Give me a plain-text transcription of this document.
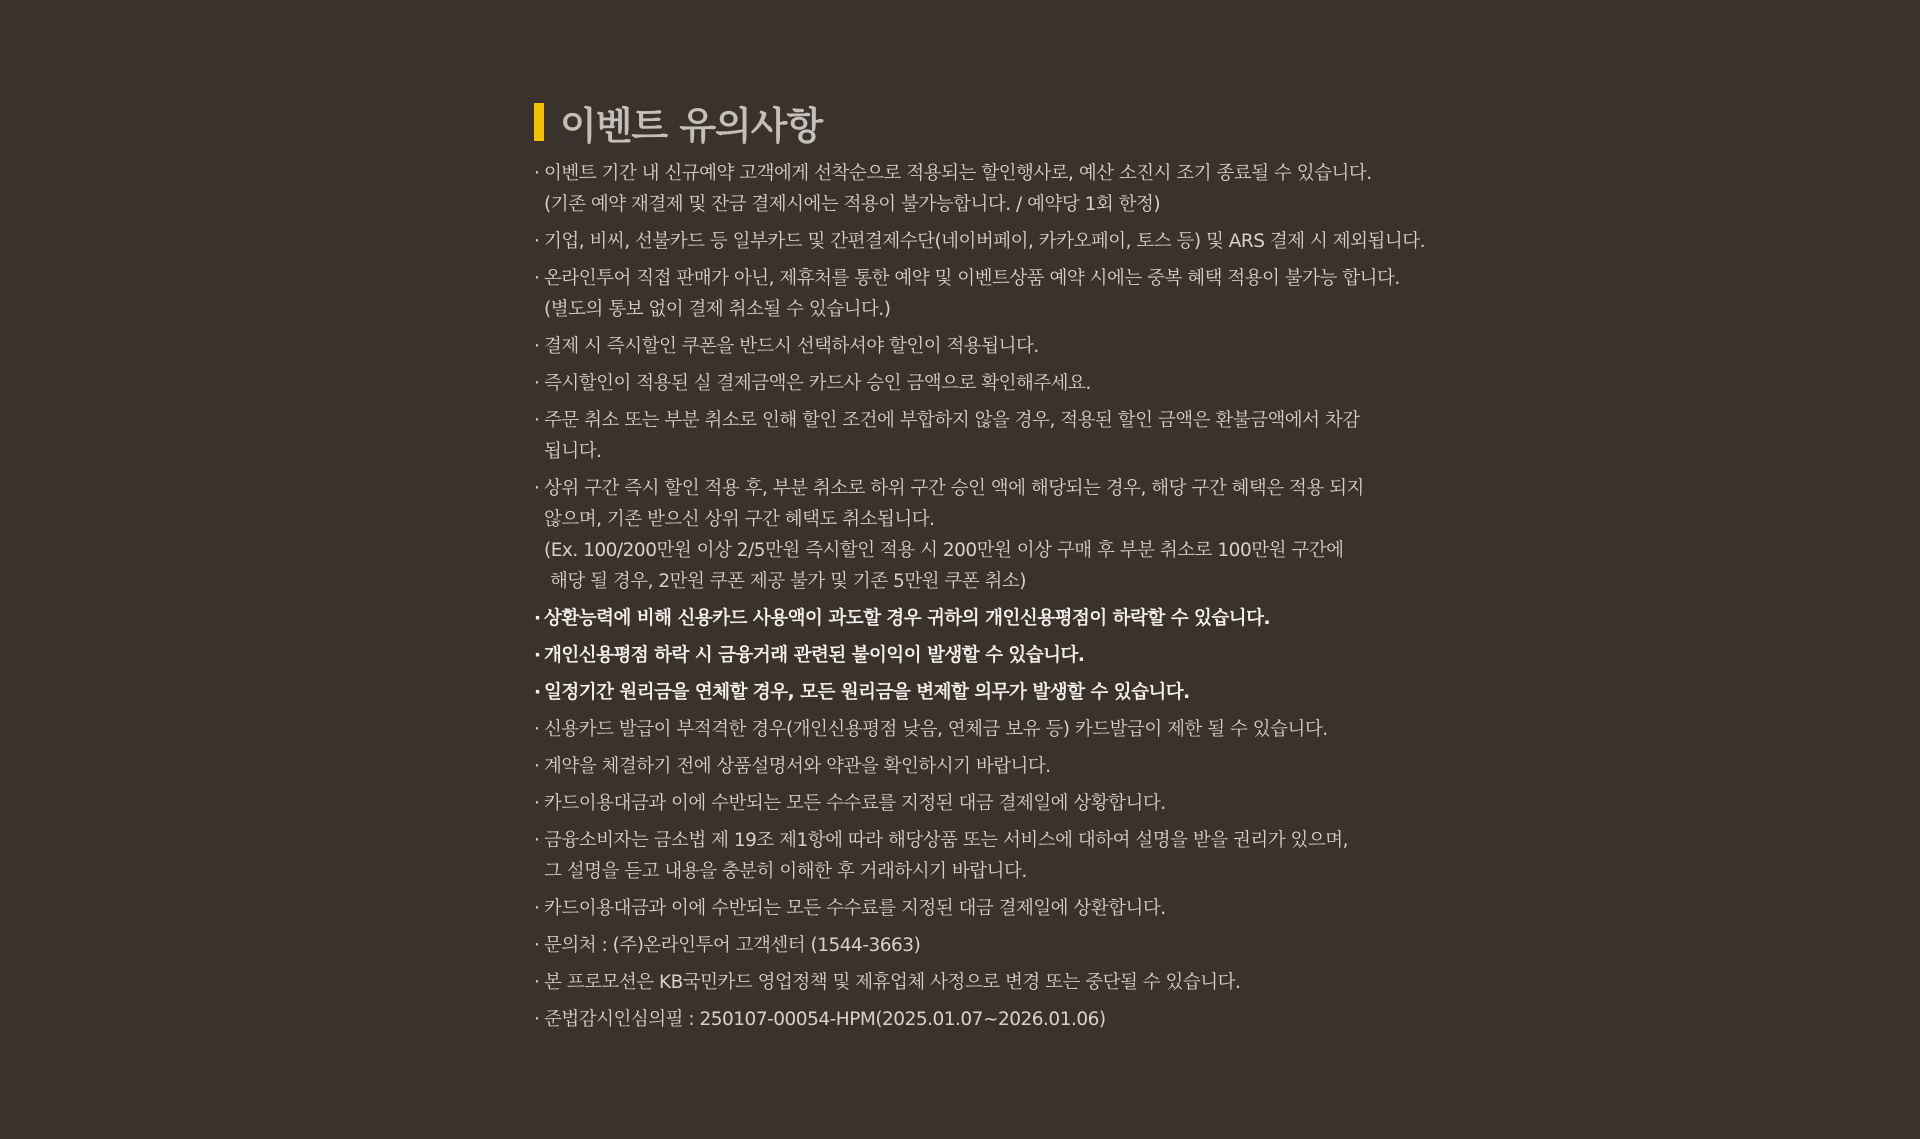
이벤트 유의사항
· 이벤트 기간 내 신규예약 고객에게 선착순으로 적용되는 할인행사로, 예산 소진시 조기 종료될 수 있습니다.
(기존 예약 재결제 및 잔금 결제시에는 적용이 불가능합니다. / 예약당 1회 한정)
· 기업, 비씨, 선불카드 등 일부카드 및 간편결제수단(네이버페이, 카카오페이, 토스 등) 및 ARS 결제 시 제외됩니다.
· 온라인투어 직접 판매가 아닌, 제휴처를 통한 예약 및 이벤트상품 예약 시에는 중복 혜택 적용이 불가능 합니다.
(별도의 통보 없이 결제 취소될 수 있습니다.)
· 결제 시 즉시할인 쿠폰을 반드시 선택하셔야 할인이 적용됩니다.
· 즉시할인이 적용된 실 결제금액은 카드사 승인 금액으로 확인해주세요.
· 주문 취소 또는 부분 취소로 인해 할인 조건에 부합하지 않을 경우, 적용된 할인 금액은 환불금액에서 차감
됩니다.
· 상위 구간 즉시 할인 적용 후, 부분 취소로 하위 구간 승인 액에 해당되는 경우, 해당 구간 혜택은 적용 되지
않으며, 기존 받으신 상위 구간 혜택도 취소됩니다.
(Ex. 100/200만원 이상 2/5만원 즉시할인 적용 시 200만원 이상 구매 후 부분 취소로 100만원 구간에
해당 될 경우, 2만원 쿠폰 제공 불가 및 기존 5만원 쿠폰 취소)
· 상환능력에 비해 신용카드 사용액이 과도할 경우 귀하의 개인신용평점이 하락할 수 있습니다.
· 개인신용평점 하락 시 금융거래 관련된 불이익이 발생할 수 있습니다.
· 일정기간 원리금을 연체할 경우, 모든 원리금을 변제할 의무가 발생할 수 있습니다.
· 신용카드 발급이 부적격한 경우(개인신용평점 낮음, 연체금 보유 등) 카드발급이 제한 될 수 있습니다.
· 계약을 체결하기 전에 상품설명서와 약관을 확인하시기 바랍니다.
· 카드이용대금과 이에 수반되는 모든 수수료를 지정된 대금 결제일에 상황합니다.
· 금융소비자는 금소법 제 19조 제1항에 따라 해당상품 또는 서비스에 대하여 설명을 받을 권리가 있으며,
그 설명을 듣고 내용을 충분히 이해한 후 거래하시기 바랍니다.
· 카드이용대금과 이에 수반되는 모든 수수료를 지정된 대금 결제일에 상환합니다.
· 문의처 : (주)온라인투어 고객센터 (1544-3663)
· 본 프로모션은 KB국민카드 영업정책 및 제휴업체 사정으로 변경 또는 중단될 수 있습니다.
· 준법감시인심의필 : 250107-00054-HPM(2025.01.07~2026.01.06)
